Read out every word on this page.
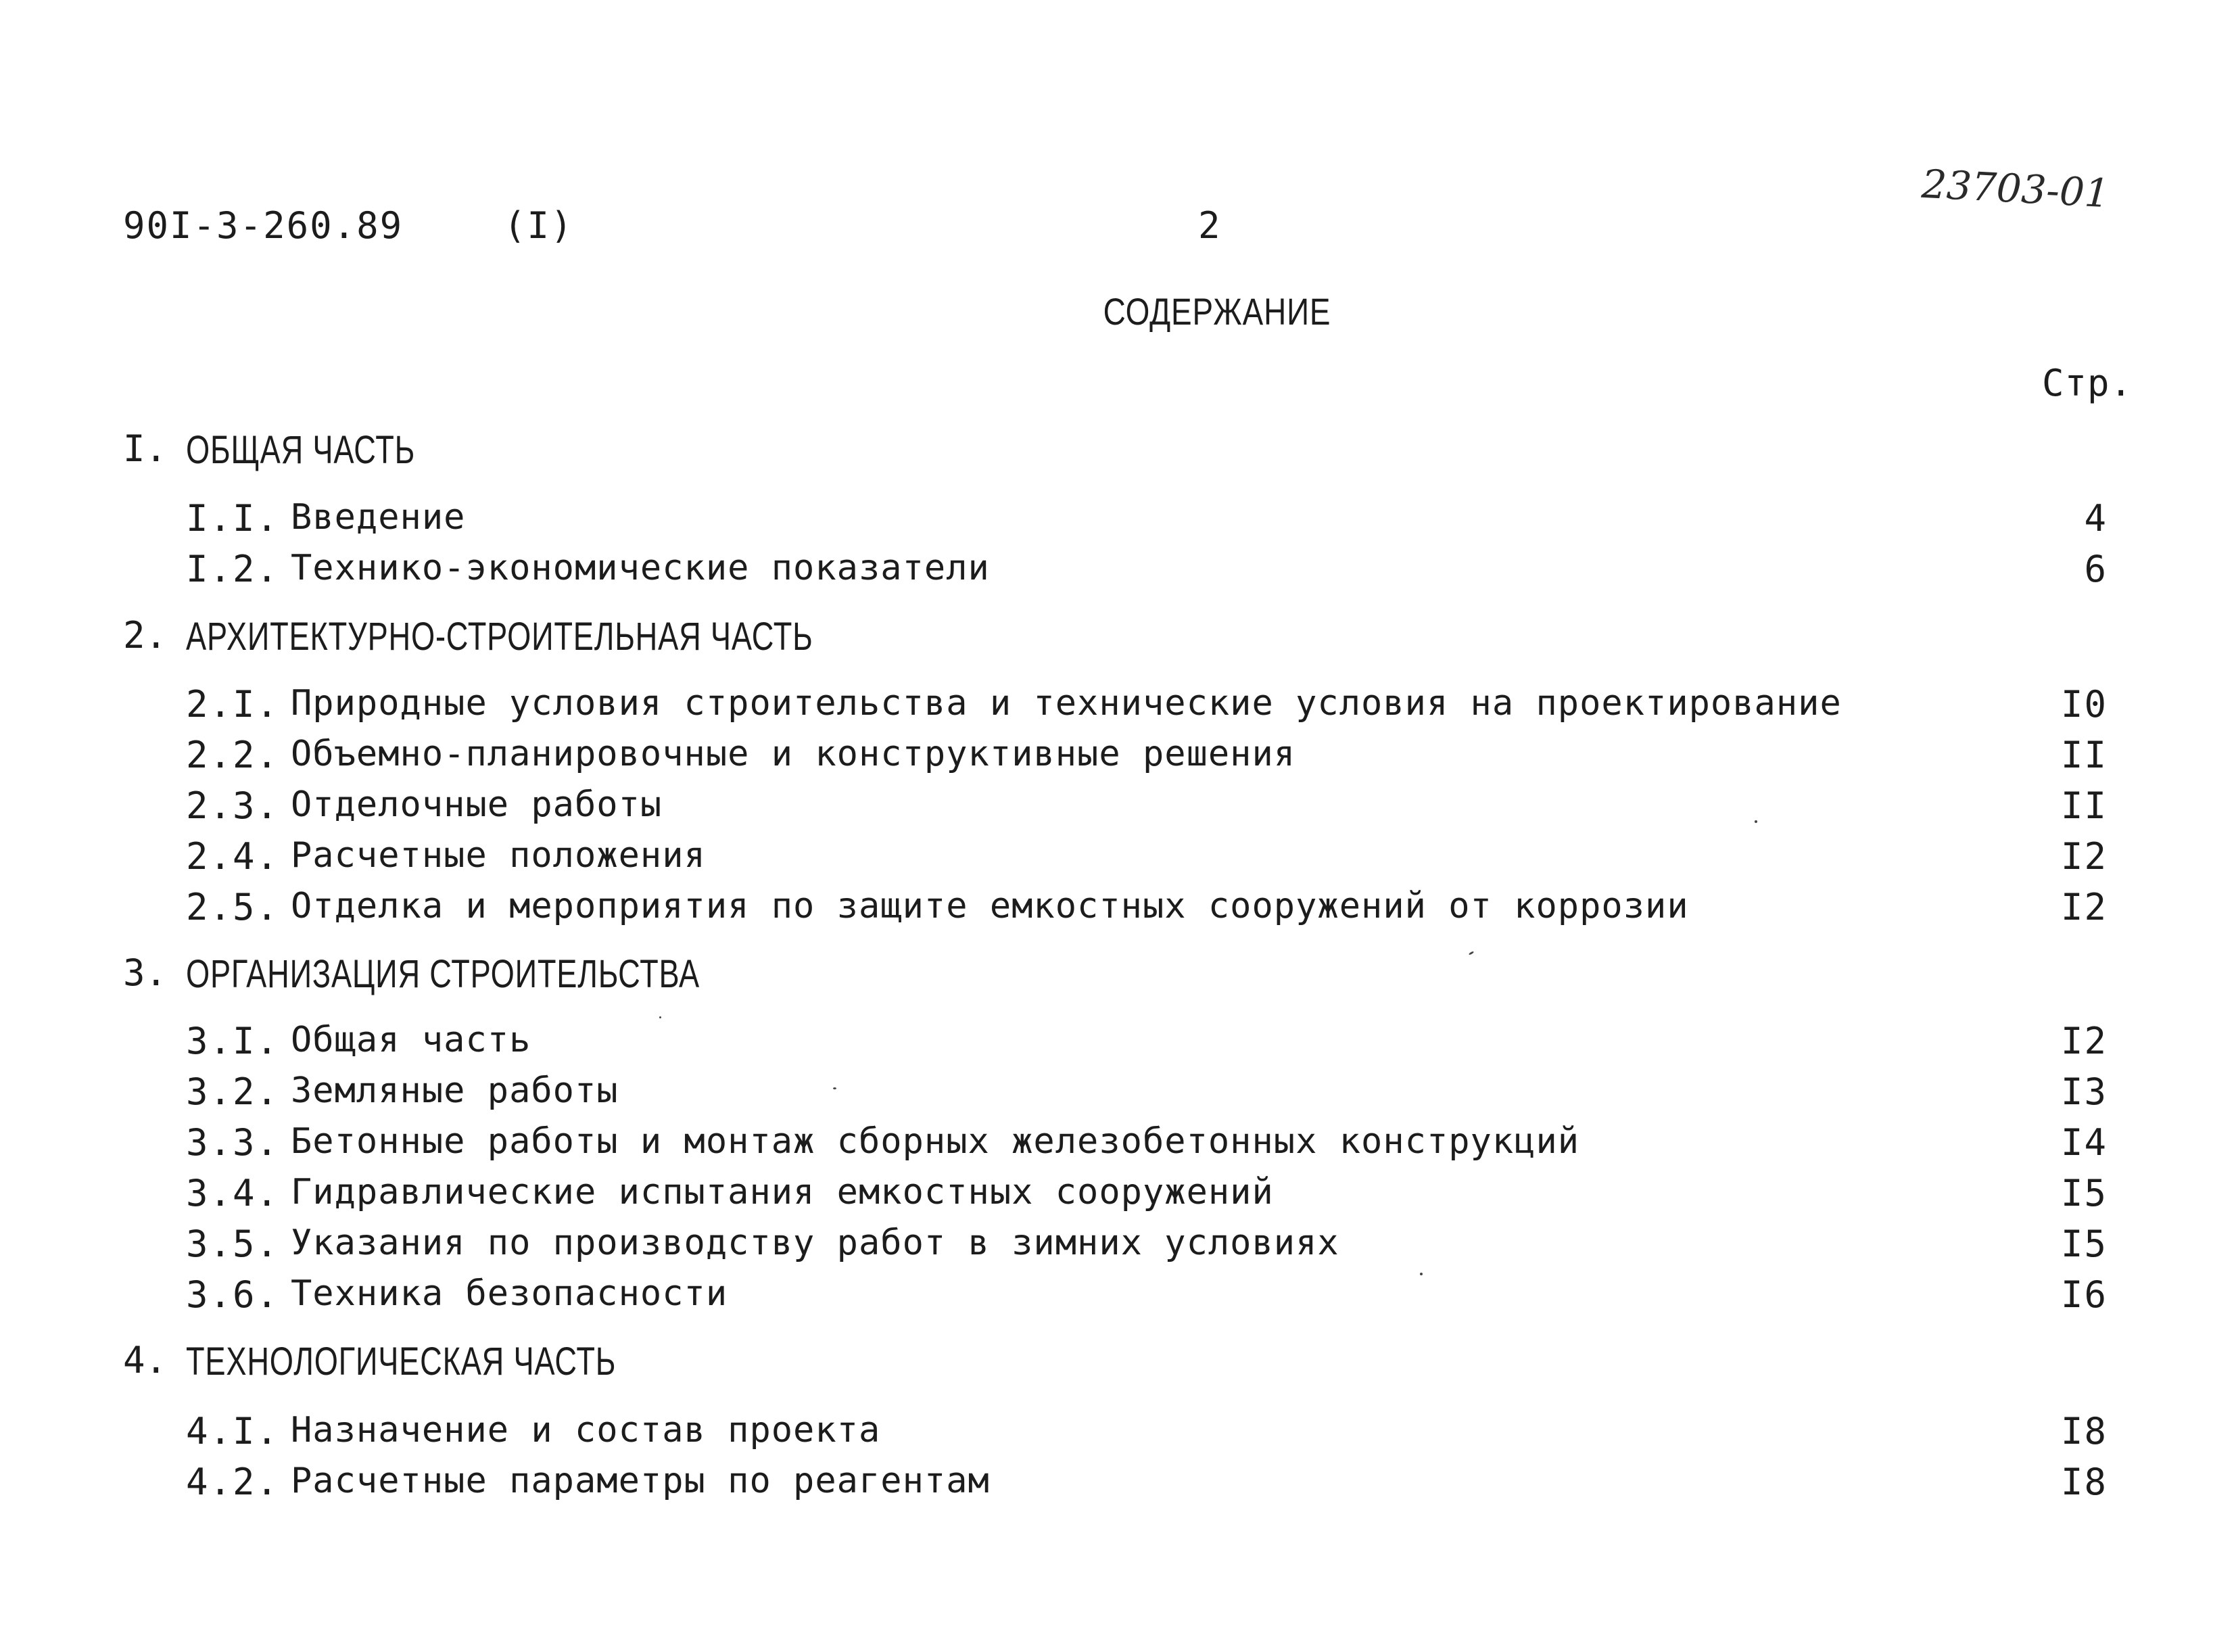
90I-3-260.89	(I)	2
23703-01
СОДЕРЖАНИЕ
Стр.
I. ОБЩАЯ ЧАСТЬ
I.I. Введение	4
I.2. Технико-экономические показатели	6
2. АРХИТЕКТУРНО-СТРОИТЕЛЬНАЯ ЧАСТЬ
2.I. Природные условия строительства и технические условия на проектирование	I0
2.2. Объемно-планировочные и конструктивные решения	II
2.3. Отделочные работы	II
2.4. Расчетные положения	I2
2.5. Отделка и мероприятия по защите емкостных сооружений от коррозии	I2
3. ОРГАНИЗАЦИЯ СТРОИТЕЛЬСТВА
3.I. Общая часть	I2
3.2. Земляные работы	I3
3.3. Бетонные работы и монтаж сборных железобетонных конструкций	I4
3.4. Гидравлические испытания емкостных сооружений	I5
3.5. Указания по производству работ в зимних условиях	I5
3.6. Техника безопасности	I6
4. ТЕХНОЛОГИЧЕСКАЯ ЧАСТЬ
4.I. Назначение и состав проекта	I8
4.2. Расчетные параметры по реагентам	I8
